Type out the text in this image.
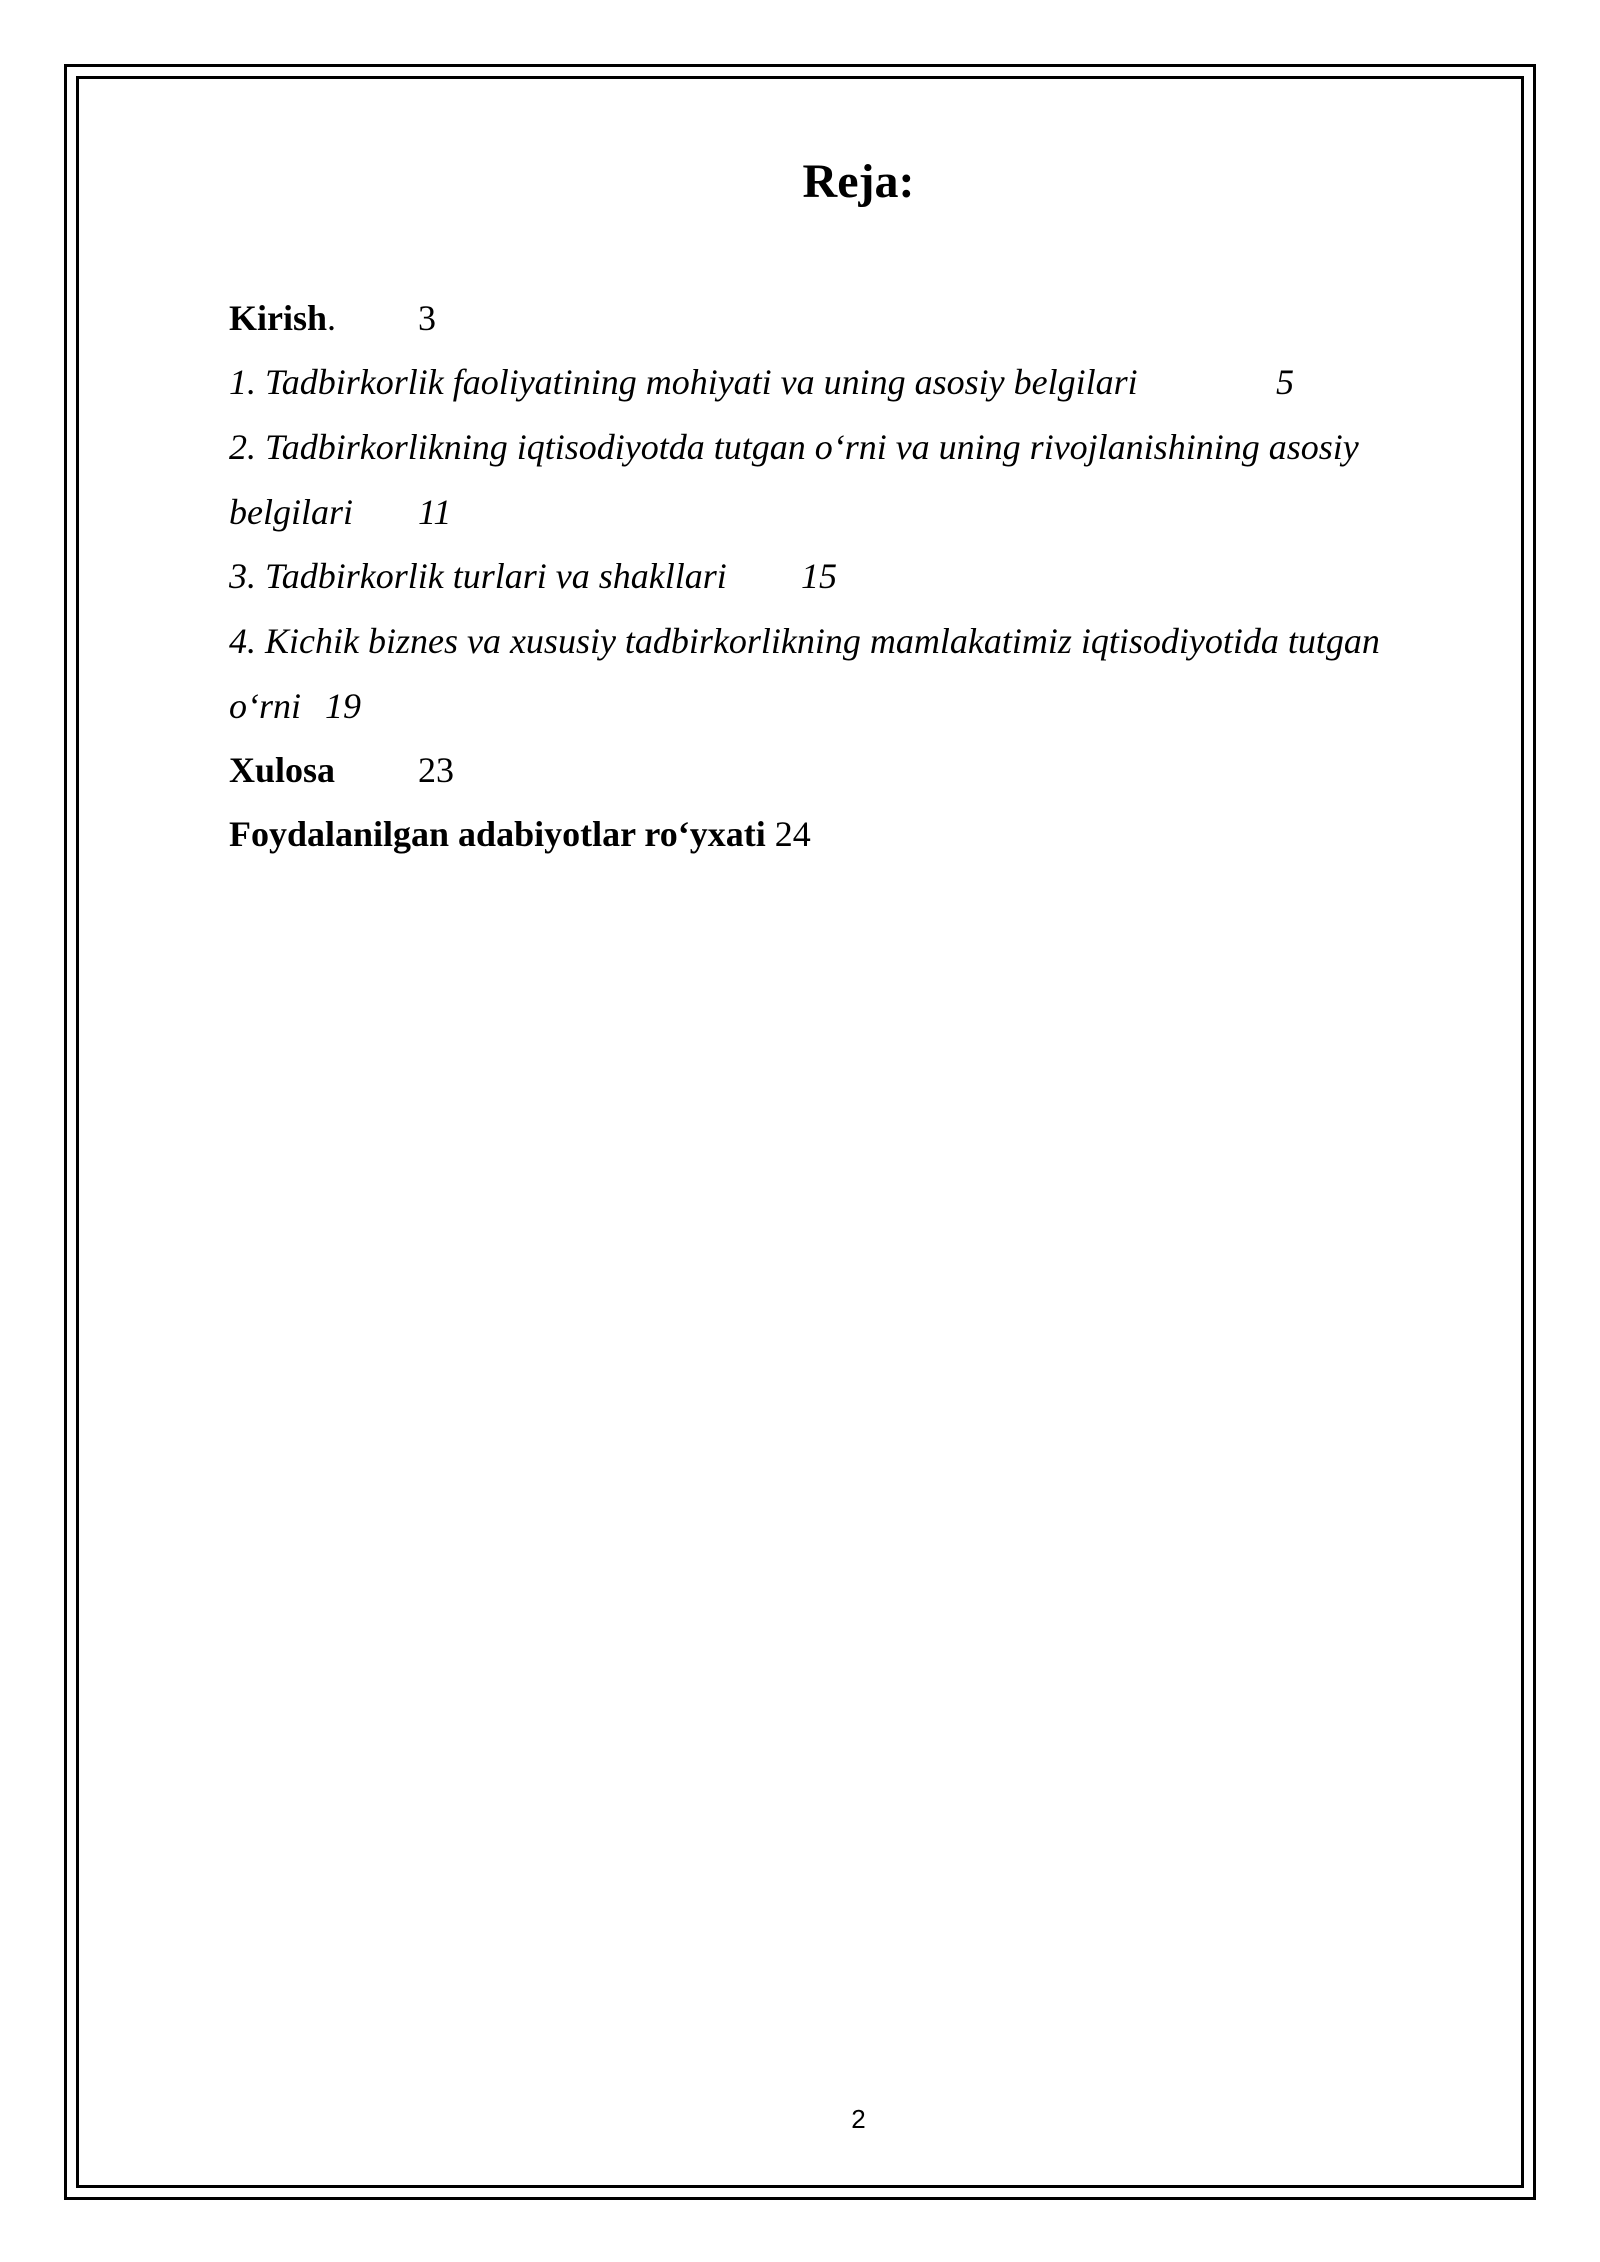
Reja:
Kirish. 3
1. Tadbirkorlik faoliyatining mohiyati va uning asosiy belgilari	5
2. Tadbirkorlikning iqtisodiyotda tutgan o‘rni va uning rivojlanishining asosiy
belgilari 11
3. Tadbirkorlik turlari va shakllari 15
4. Kichik biznes va xususiy tadbirkorlikning mamlakatimiz iqtisodiyotida tutgan
o‘rni 19
Xulosa 23
Foydalanilgan adabiyotlar ro‘yxati 24
2
